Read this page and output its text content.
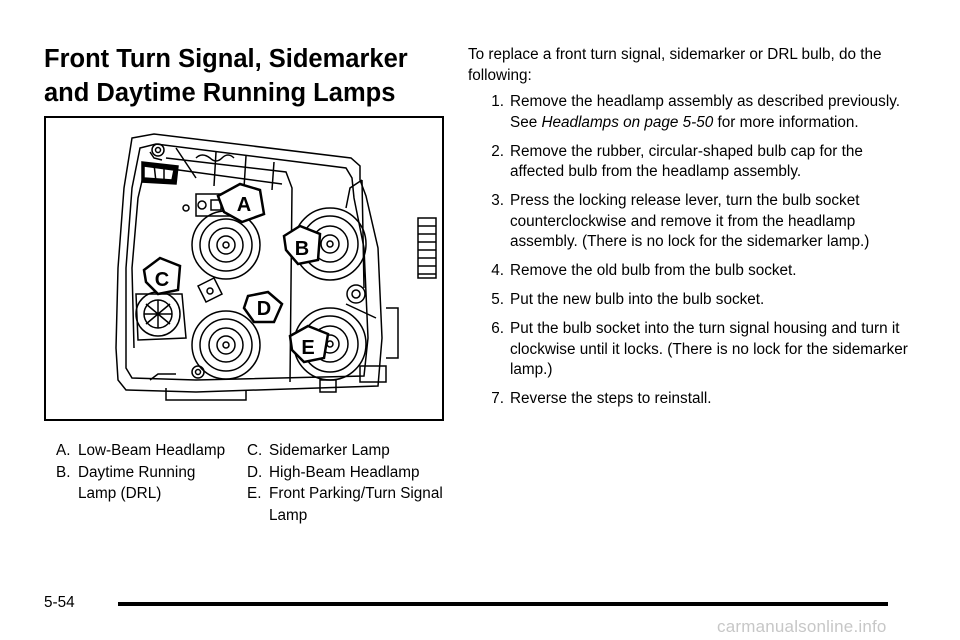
Front Turn Signal, Sidemarker and Daytime Running Lamps
A
B
C
D
E
A. Low-Beam Headlamp
B. Daytime Running Lamp (DRL)
C. Sidemarker Lamp
D. High-Beam Headlamp
E. Front Parking/Turn Signal Lamp

To replace a front turn signal, sidemarker or DRL bulb, do the following:

1. Remove the headlamp assembly as described previously. See Headlamps on page 5-50 for more information.
2. Remove the rubber, circular-shaped bulb cap for the affected bulb from the headlamp assembly.
3. Press the locking release lever, turn the bulb socket counterclockwise and remove it from the headlamp assembly. (There is no lock for the sidemarker lamp.)
4. Remove the old bulb from the bulb socket.
5. Put the new bulb into the bulb socket.
6. Put the bulb socket into the turn signal housing and turn it clockwise until it locks. (There is no lock for the sidemarker lamp.)
7. Reverse the steps to reinstall.
5-54
carmanualsonline.info
